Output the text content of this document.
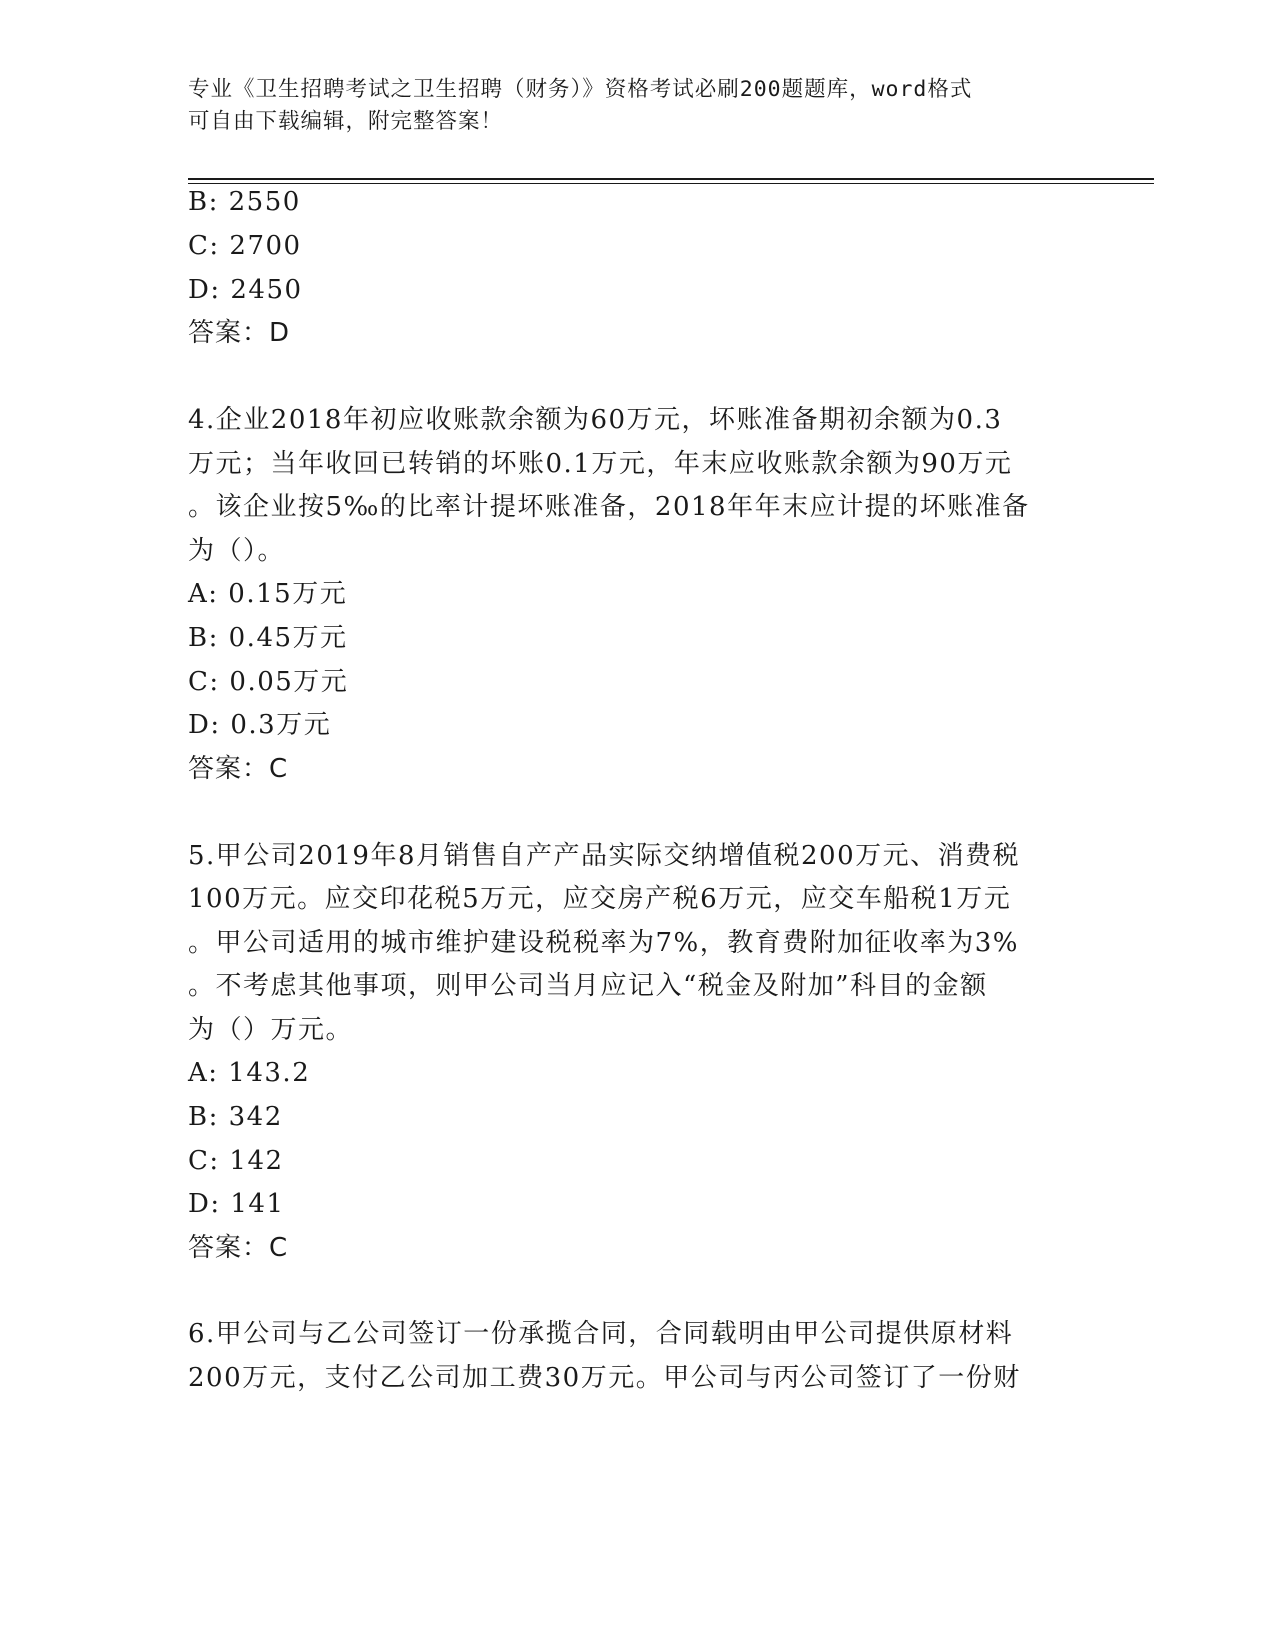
专业《卫生招聘考试之卫生招聘（财务）》资格考试必刷200题题库，word格式
可自由下载编辑，附完整答案！
B: 2550
C: 2700
D: 2450
答案：D
4.企业2018年初应收账款余额为60万元，坏账准备期初余额为0.3
万元；当年收回已转销的坏账0.1万元，年末应收账款余额为90万元
。该企业按5‰的比率计提坏账准备，2018年年末应计提的坏账准备
为（）。
A: 0.15万元
B: 0.45万元
C: 0.05万元
D: 0.3万元
答案：C
5.甲公司2019年8月销售自产产品实际交纳增值税200万元、消费税
100万元。应交印花税5万元，应交房产税6万元，应交车船税1万元
。甲公司适用的城市维护建设税税率为7%，教育费附加征收率为3%
。不考虑其他事项，则甲公司当月应记入“税金及附加”科目的金额
为（）万元。
A: 143.2
B: 342
C: 142
D: 141
答案：C
6.甲公司与乙公司签订一份承揽合同，合同载明由甲公司提供原材料
200万元，支付乙公司加工费30万元。甲公司与丙公司签订了一份财
